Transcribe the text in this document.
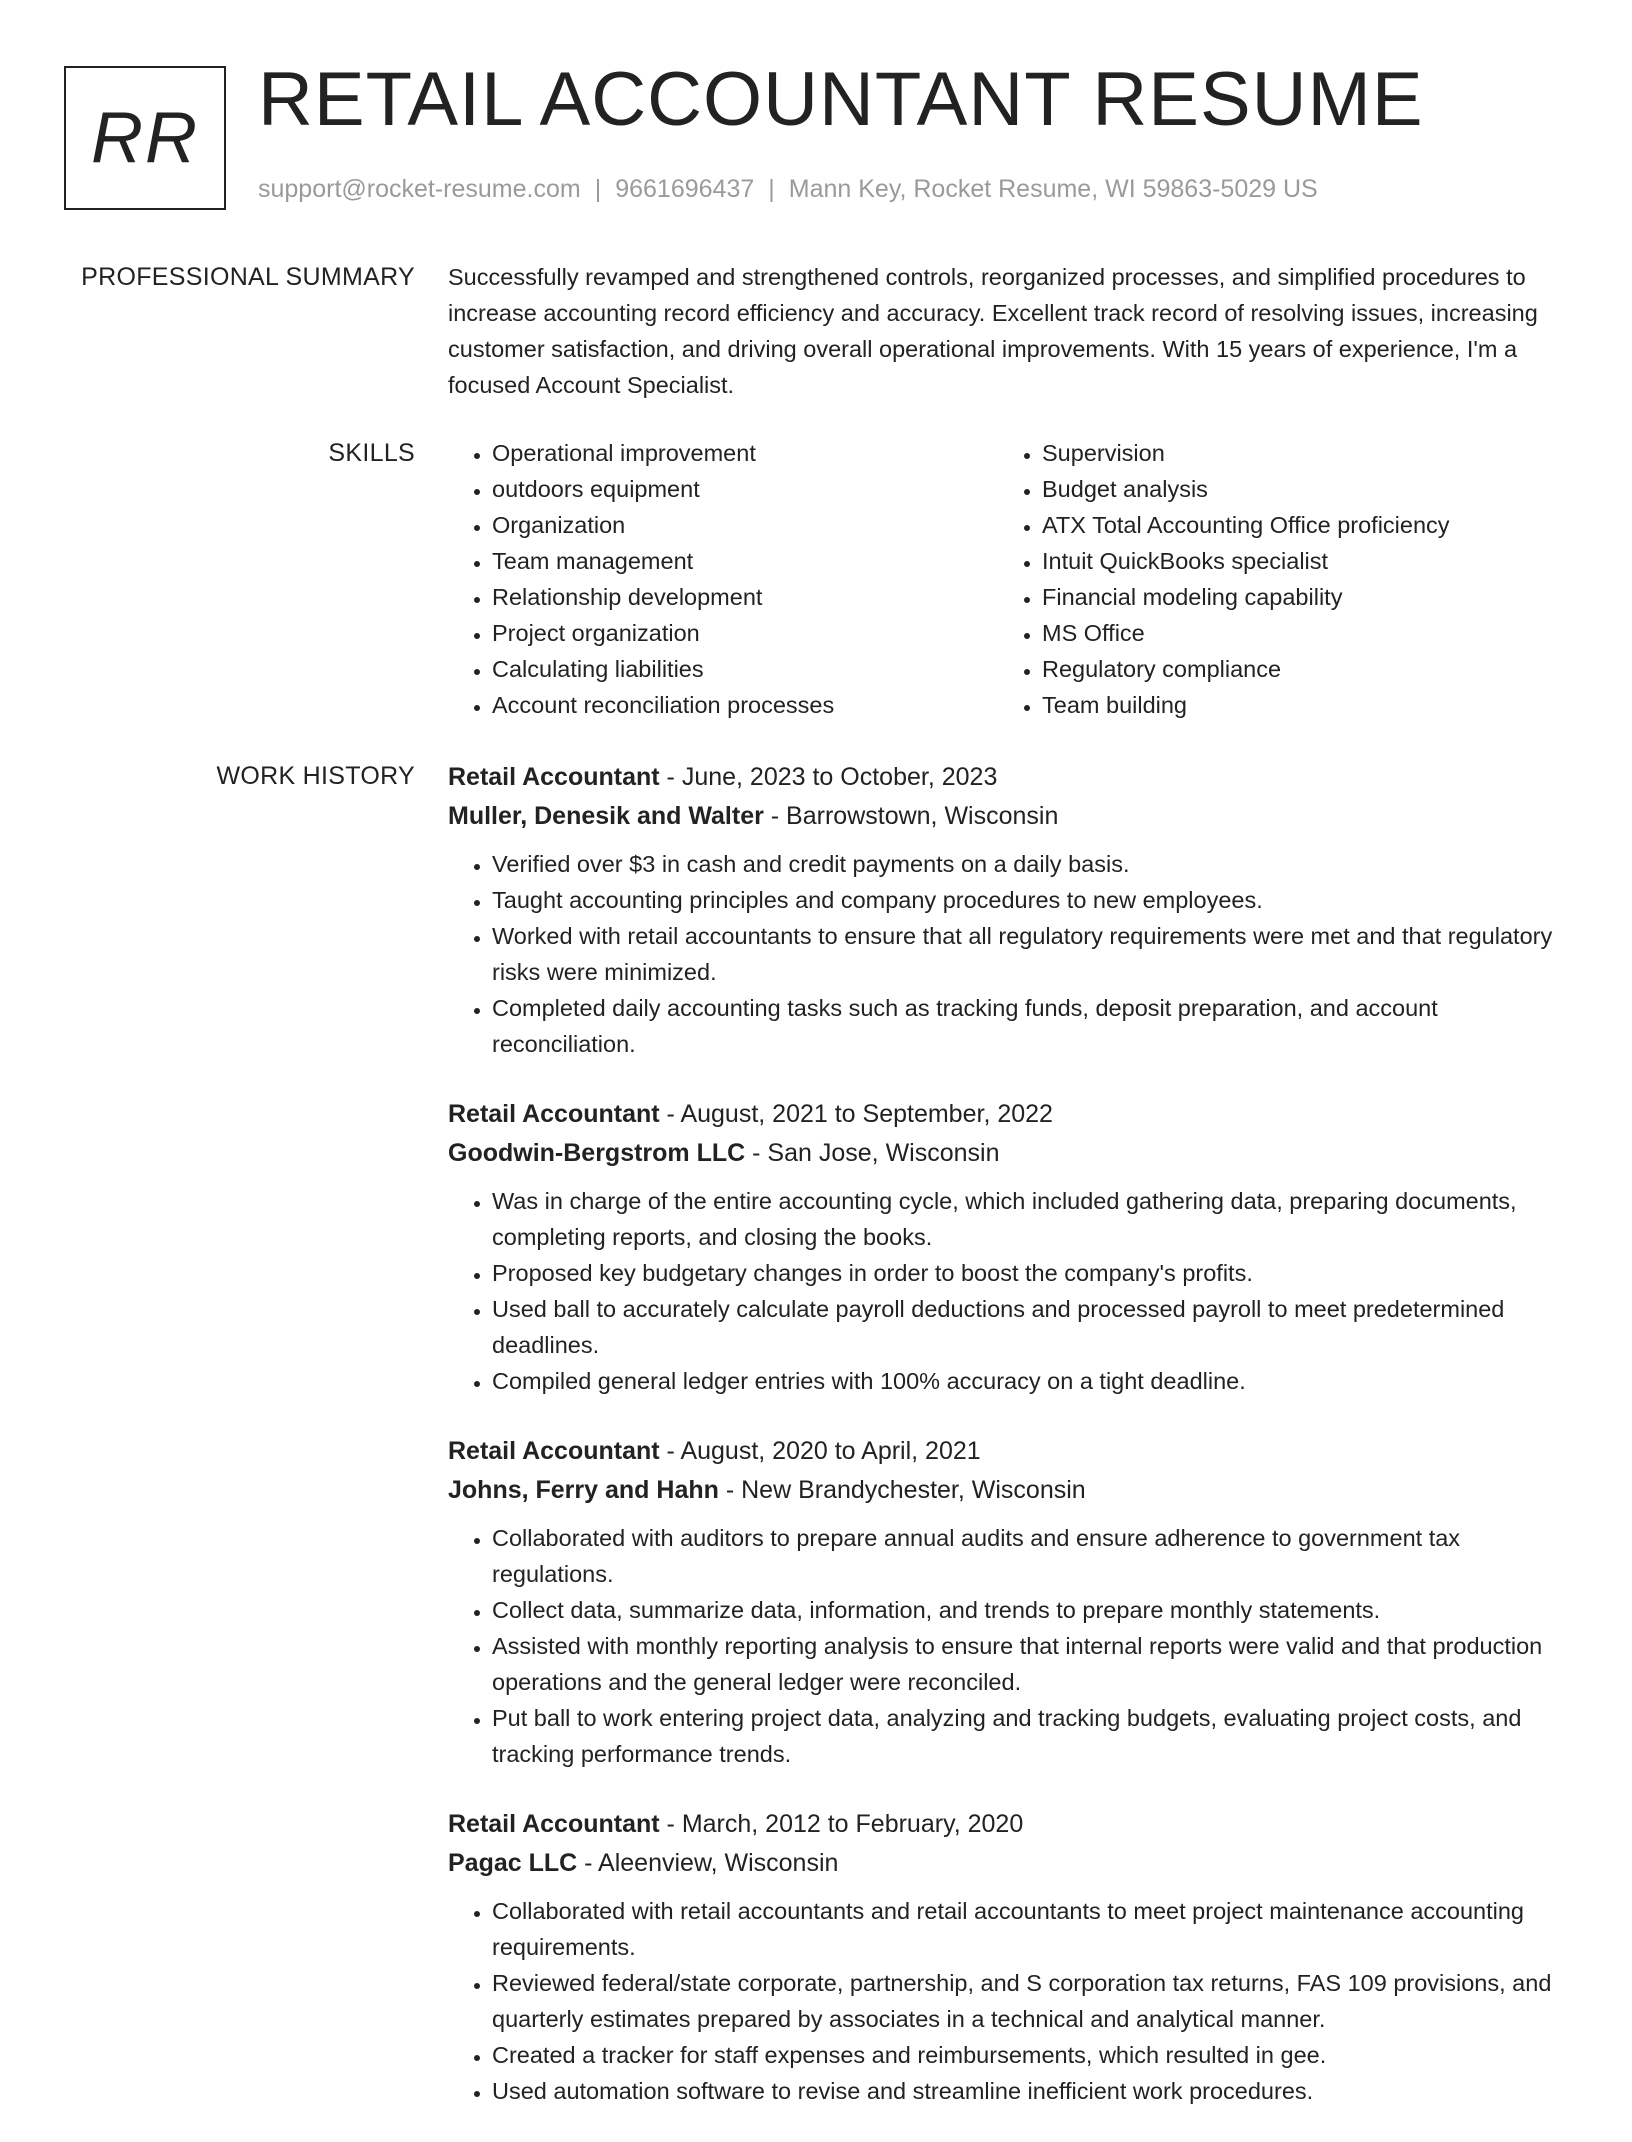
RR RETAIL ACCOUNTANT RESUME
support@rocket-resume.com | 9661696437 | Mann Key, Rocket Resume, WI 59863-5029 US
PROFESSIONAL SUMMARY Successfully revamped and strengthened controls, reorganized processes, and simplified procedures to increase accounting record efficiency and accuracy. Excellent track record of resolving issues, increasing customer satisfaction, and driving overall operational improvements. With 15 years of experience, I'm a focused Account Specialist.

SKILLS
•	Operational improvement
• outdoors equipment
• Organization
• Team management
• Relationship development
• Project organization
• Calculating liabilities
• Account reconciliation processes
• Supervision
• Budget analysis
• ATX Total Accounting Office proficiency
• Intuit QuickBooks specialist
• Financial modeling capability
• MS Office
• Regulatory compliance
• Team building
WORK HISTORY Retail Accountant - June, 2023 to October, 2023
Muller, Denesik and Walter - Barrowstown, Wisconsin
• Verified over $3 in cash and credit payments on a daily basis.
• Taught accounting principles and company procedures to new employees.
• Worked with retail accountants to ensure that all regulatory requirements were met and that regulatory risks were minimized.
• Completed daily accounting tasks such as tracking funds, deposit preparation, and account reconciliation.
Retail Accountant - August, 2021 to September, 2022
Goodwin-Bergstrom LLC - San Jose, Wisconsin
• Was in charge of the entire accounting cycle, which included gathering data, preparing documents, completing reports, and closing the books.
• Proposed key budgetary changes in order to boost the company's profits.
• Used ball to accurately calculate payroll deductions and processed payroll to meet predetermined deadlines.
• Compiled general ledger entries with 100% accuracy on a tight deadline.
Retail Accountant - August, 2020 to April, 2021
Johns, Ferry and Hahn - New Brandychester, Wisconsin
• Collaborated with auditors to prepare annual audits and ensure adherence to government tax regulations.
• Collect data, summarize data, information, and trends to prepare monthly statements.
• Assisted with monthly reporting analysis to ensure that internal reports were valid and that production operations and the general ledger were reconciled.
• Put ball to work entering project data, analyzing and tracking budgets, evaluating project costs, and tracking performance trends.
Retail Accountant - March, 2012 to February, 2020
Pagac LLC - Aleenview, Wisconsin
• Collaborated with retail accountants and retail accountants to meet project maintenance accounting requirements.
• Reviewed federal/state corporate, partnership, and S corporation tax returns, FAS 109 provisions, and quarterly estimates prepared by associates in a technical and analytical manner.
• Created a tracker for staff expenses and reimbursements, which resulted in gee.
• Used automation software to revise and streamline inefficient work procedures.
